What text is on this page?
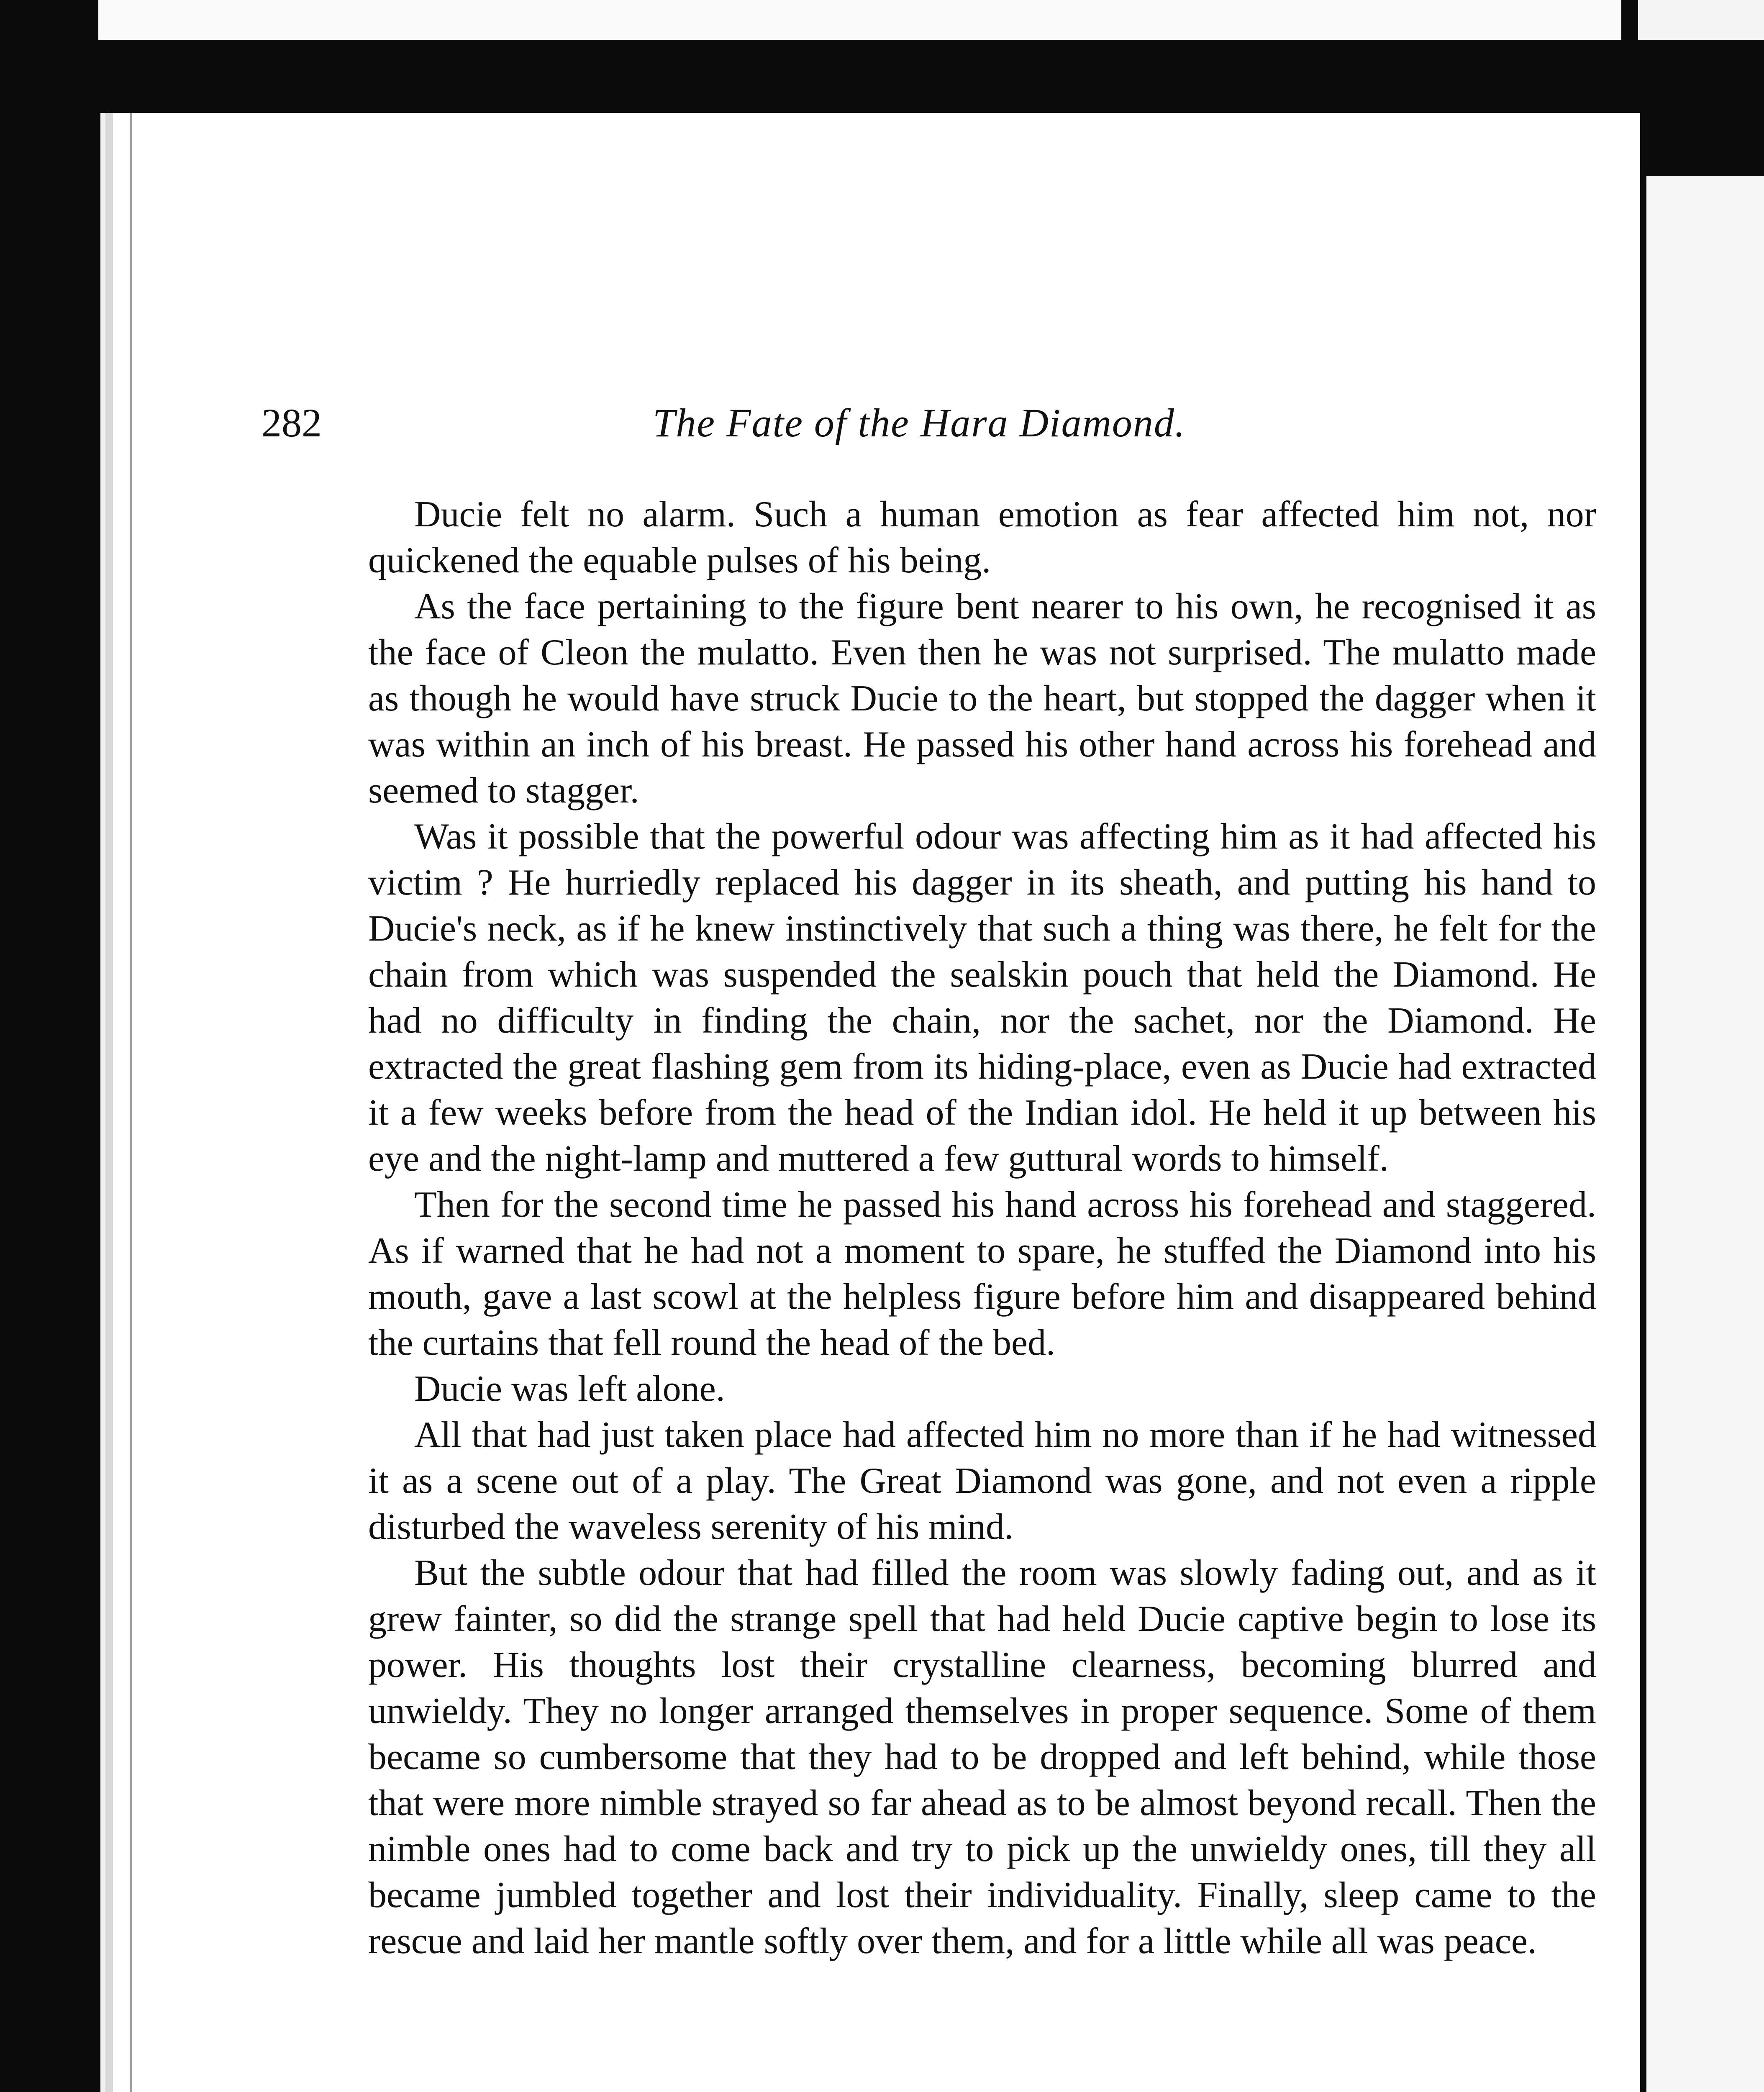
282	The Fate of the Hara Diamond.

Ducie felt no alarm. Such a human emotion as fear affected him not, nor quickened the equable pulses of his being.

As the face pertaining to the figure bent nearer to his own, he recognised it as the face of Cleon the mulatto. Even then he was not surprised. The mulatto made as though he would have struck Ducie to the heart, but stopped the dagger when it was within an inch of his breast. He passed his other hand across his forehead and seemed to stagger.

Was it possible that the powerful odour was affecting him as it had affected his victim ? He hurriedly replaced his dagger in its sheath, and putting his hand to Ducie's neck, as if he knew instinctively that such a thing was there, he felt for the chain from which was suspended the sealskin pouch that held the Diamond. He had no difficulty in finding the chain, nor the sachet, nor the Diamond. He extracted the great flashing gem from its hiding-place, even as Ducie had extracted it a few weeks before from the head of the Indian idol. He held it up between his eye and the night-lamp and muttered a few guttural words to himself.

Then for the second time he passed his hand across his forehead and staggered. As if warned that he had not a moment to spare, he stuffed the Diamond into his mouth, gave a last scowl at the helpless figure before him and disappeared behind the curtains that fell round the head of the bed.

Ducie was left alone.

All that had just taken place had affected him no more than if he had witnessed it as a scene out of a play. The Great Diamond was gone, and not even a ripple disturbed the waveless serenity of his mind.

But the subtle odour that had filled the room was slowly fading out, and as it grew fainter, so did the strange spell that had held Ducie captive begin to lose its power. His thoughts lost their crystalline clearness, becoming blurred and unwieldy. They no longer arranged themselves in proper sequence. Some of them became so cumbersome that they had to be dropped and left behind, while those that were more nimble strayed so far ahead as to be almost beyond recall. Then the nimble ones had to come back and try to pick up the unwieldy ones, till they all became jumbled together and lost their individuality. Finally, sleep came to the rescue and laid her mantle softly over them, and for a little while all was peace.
